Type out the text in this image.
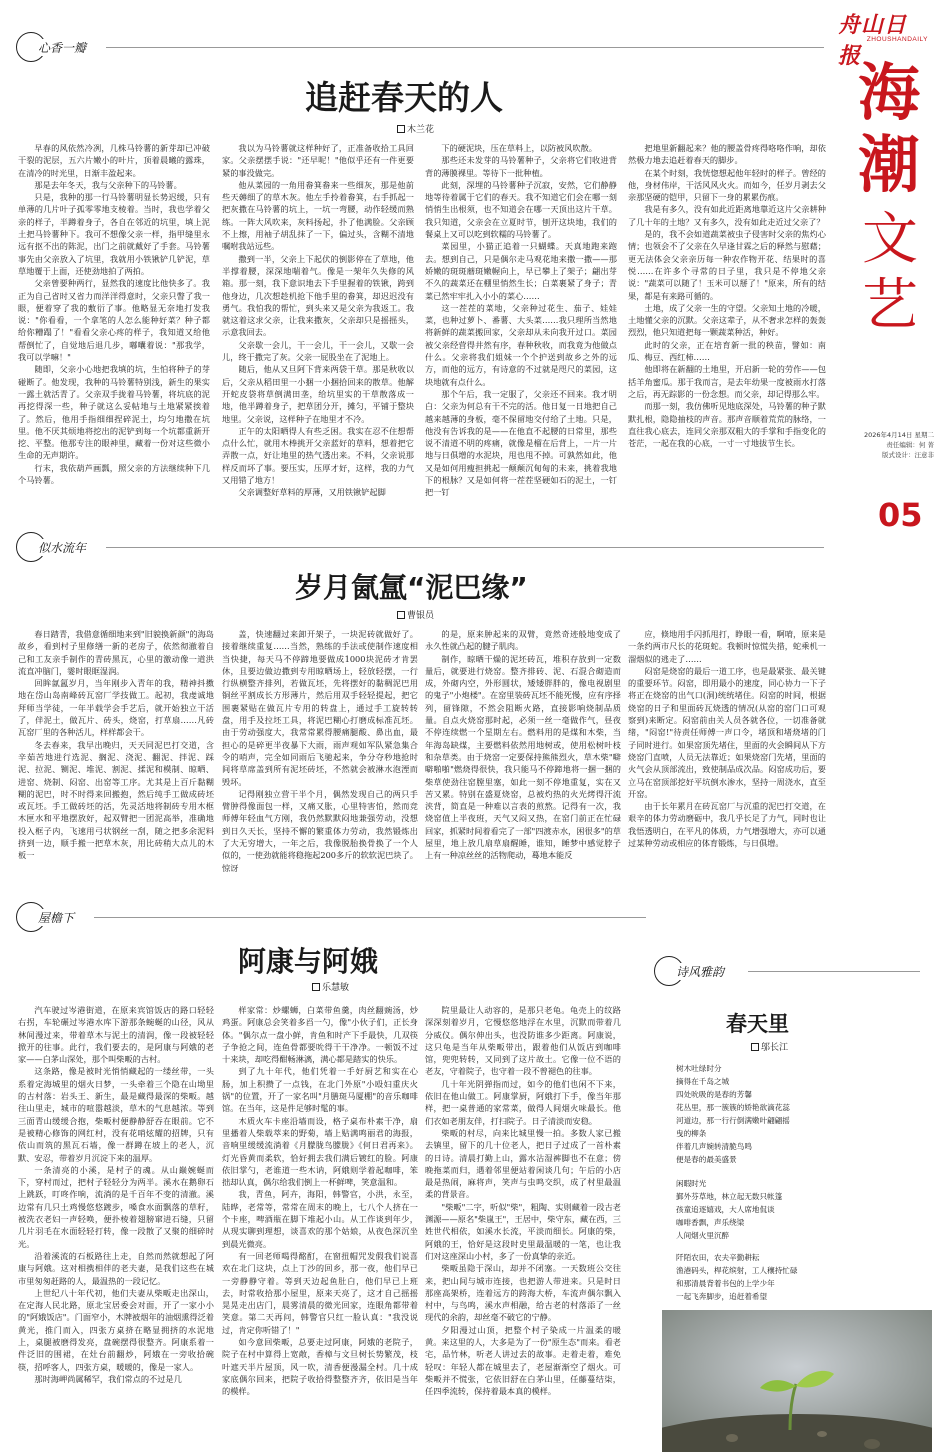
舟山日报
ZHOUSHANDAILY
海
潮
文
艺
2026年4月14日 星期二
责任编辑：何 菁
版式设计：汪意非
05
心香一瓣
追赶春天的人
木兰花

早春的风依然冷冽，几株马铃薯的新芽却已冲破干裂的泥层，五六片嫩小的叶片，顶着晨曦的露珠，在清冷的时光里，日渐丰盈起来。

那是去年冬天，我与父亲种下的马铃薯。

只是，我种的那一行马铃薯明显长势迟缓，只有单薄的几片叶子孤零零地支棱着。当时，我也学着父亲的样子，半蹲着身子，各自在邻近的坑里，填上泥土把马铃薯种下。我可不想像父亲一样，指甲缝里永远有抠不出的陈泥，出门之前就戴好了手套。马铃薯事先由父亲放入了坑里，我就用小铁锹铲几铲泥，草草地覆于上面，还使劲地拍了两拍。

父亲曾要种两行，显然我的速度比他快多了。我正为自己省时又省力而洋洋得意时，父亲只瞥了我一眼，便着穿了我的敷衍了事。他略显无奈地打发我说："你看看，一个拿笔的人怎么能种好菜？种子都给你糟蹋了！"看看父亲心疼的样子，我知道又给他帮倒忙了，自觉地后退几步，嘟囔着说："那我学，我可以学嘛！"

随即，父亲小心地把我填的坑，生怕将种子的芽碰断了。他发现，我种的马铃薯特别浅，新生的果实一露土就活青了。父亲双手拢着马铃薯，将坑底的泥再挖得深一些，种子就这么妥帖地与土地紧紧挨着了。然后，他用手指细细捏碎泥土，均匀地撒在坑里。他不厌其烦地将挖出的泥铲到每一个坑都重新开挖、平整。他那专注的眼神里，藏着一份对这些微小生命的无声期许。

行末，我依葫芦画瓢，照父亲的方法继续种下几个马铃薯。

我以为马铃薯就这样种好了，正准备收拾工具回家。父亲摆摆手说："还早呢！"他似乎还有一件更要紧的事没做完。

他从菜园的一角用畚箕畚来一些细灰，那是他前些天薅细了的草木灰。他左手拎着畚箕，右手抓起一把灰撒在马铃薯的坑上，一坑一弯腰，动作轻缓而熟练。一阵大风吹来，灰料扬起，扑了他满脸。父亲顾不上擦，用袖子胡乱抹了一下，偏过头，含糊不清地嘱咐我站远些。

撒到一半，父亲上下起伏的倒影停在了草地，他半撑着腰，深深地喘着气。像是一架年久失修的风箱。那一刻，我下意识地去下手里握着的铁锹，跨到他身边，几次想趁机抢下他手里的畚箕，却迟迟没有勇气。我怕我的帮忙，到头来又是父亲为我返工。我就这着这求父亲，让我来撒灰，父亲却只是摇摇头，示意我回去。

父亲歇一会儿，干一会儿，干一会儿，又歇一会儿，终于撒完了灰。父亲一屁股坐在了泥地上。

随后，他从又旦阿下背来两袋干草。那是秋收以后，父亲从稻田里一小捆一小捆拾回来的散草。他解开蛇皮袋将草倒满田垄，给坑里实的干草散落成一地，他半蹲着身子，把草团分开，摊匀，平铺于整块地里。父亲说，这样种子在地里才不冷。

正午的太阳晒得人有些乏困。我实在忍不住想帮点什么忙，就用木棒挑开父亲蓝好的草料，想着把它弄散一点，好让地里的热气透出来。不料，父亲说那样反而坏了事。要压实，压厚才好，这样，我的力气又用错了地方！

父亲调整好草料的厚薄，又用铁锹铲起脚

下的硬泥块，压在草料上，以防被风吹散。

那些还未发芽的马铃薯种子，父亲将它们收进背背的薄膜裸里。等待下一批种植。

此刻，深埋的马铃薯种子沉寂，安然，它们静静地等待着属于它们的春天。我不知道它们会在哪一刻悄悄生出根须，也不知道会在哪一天顶出这片干草。我只知道，父亲会在立夏时节，刨开这块地，我们的餐桌上又可以吃到软糯的马铃薯了。

菜园里，小猫正追着一只蝴蝶。天真地跑来跑去。想到自己，只是偶尔走马观花地来撒一撒——那娇嫩的斑斑蘑斑嫩幄向上，早已攀上了架子；翩出芽不久的蔬菜还在棚里悄然生长；白菜裹紧了身子；青菜已然牢牢扎入小小的菜心……

这一茬茬的菜地，父亲种过花生、茄子、娃娃菜，也种过萝卜、番薯、大头菜……我只理所当然地将新鲜的蔬菜搬回家，父亲却从未向我开过口。菜园被父亲经营得井然有序，春种秋收，而我竟为他做点什么。父亲将我们姐妹一个个护送到故乡之外的远方，而他的远方，有诗意的不过就是咫尺的菜园，这块地就有点什么。

那个午后，我一定服了，父亲还不回来。我才明白：父亲为何总有干不完的活。他日复一日地把自己越来越薄的身板，毫不保留地交付给了土地。只是，他没有告诉我的是——在他直不起腰的日常里，那些说不清道不明的疼痛，就像是榴在后背上，一片一片地与日俱增的水泥块，甩也甩不掉。可孰然如此，他又是如何用瘦担挑起一颠颠沉甸甸的未来，挑着我地下的根脉？又是如何将一茬茬坚硬如石的泥土，一钉把一钉

把地里新翻起来？他的腰盖骨疼得咯咯作响，却依然极力地去追赶着春天的脚步。

在某个时刻，我恍惚想起他年轻时的样子。曾经的他，身材伟岸，干活风风火火。而如今，任岁月剥去父亲那坚硬的铠甲，只留下一身的累累伤痕。

我是有多久，没有如此近距离地靠近这片父亲耕种了几十年的土地？又有多久，没有如此走近过父亲了？

是的，我不会如道蔬菜被虫子侵害时父亲的焦灼心情；也领会不了父亲在久早逢甘霖之后的释然与慰藉；更无法体会父亲亲历每一种农作物开花、结果时的喜悦……在许多个寻常的日子里，我只是不停地父亲说："蔬菜可以随了！玉米可以掰了！"原来，所有的结果，都是有来路可循的。

土地，成了父亲一生的守望。父亲知土地的冷暖，土地懂父亲的沉默。父亲这辈子，从不奢求怎样的轰轰烈烈，他只知道把每一颗蔬菜种活，种好。

此时的父亲，正在培育新一批的秧苗，譬如：南瓜、梅豆、西红柿……

他即将在新翻的土地里，开启新一轮的劳作——包括羊角蜜瓜。那于我而言，是去年幼果一度被雨水打落之后，再无踪影的一份念想。而父亲，却记得那么牢。

而那一刻，我仿佛听见地底深处，马铃薯的种子默默扎根，隐隐抽枝的声音。那声音顺着荒荒的脉络，一直往我心底去，连同父亲那双粗大的手掌和手指变化的苍茫，一起在我的心底，一寸一寸地拔节生长。

似水流年
岁月氤氲“泥巴缘”
曹银员

春日踏青，我借意循细地来到"旧貌换新颜"的海岛故乡，看到村子里修缮一新的老房子，依然彻澈着自己和工友亲手制作的青砖黑瓦，心里的激动像一道洪流直冲脑门，霎时眼眶湿润。

回眸氤氲岁月，当年刚步入青年的我，精神抖擞地在岱山岛南峰砖瓦窑厂学技做工。起初，我虔诚地拜师当学徒，一年半载学会手艺后，就开始独立干活了，伴泥土，做瓦片、砖头，烧窑，打草扇……凡砖瓦窑厂里的各种活儿，样样都会干。

冬去春来，我早出晚归，天天同泥巴打交道，含辛茹苦地进行选泥、搁泥、浇泥、翻泥、拌泥、踩泥、拉泥、铡泥、堆泥、割泥、揉泥和模制、晾晒、进窑、烧制、闷窑、出窑等工序。尤其是上百斤黏糊糊的泥巴，时不时得来回搬抱，然后纯手工做成砖坯或瓦坯。手工做砖坯的活，先灵活地将制砖专用木框木匣水和平地摆放好，起双臂把一团泥高举，准确地投入框子内，飞速用弓状钢丝一刮，随之把多余泥料挤到一边，顺手搬一把草木灰，用比砖稍大点儿的木板一

盖，快速翻过来卸开架子，一块泥砖就做好了。接着继续重复……当然，熟练的手法或使制作速度相当快捷，每天马不停蹄地要做成1000块泥砖才肯罢休，且要边做边撒到专用晾晒场上，轻放轻摆，一行行纵横整齐排列，若做瓦坯，先将摆好的黏稠泥巴用铜丝平割成长方形薄片，然后用双手轻轻提起，把它围裹紧贴在做瓦片专用的转盘上，通过手工旋转转盘，用手及拉坯工具，将泥巴糊心打磨成标准瓦坯。由于劳动强度大，我常常累得腰痛腿酸、鼻出血，最担心的是碎更半夜暴下大雨，雨声观如军队紧急集合令的哨声，完全如同雨后飞驰起来，争分夺秒地抢时间将草席盖到所有泥坯砖坯，不然就会被淋水泡湮而毁坏。

记得刚独立营干半个月，偶然发现自己的两只手臂肿得像面包一样，又痛又胀，心里特害怕，然而竞师傅年轻血气方刚，我仍然默默闷地兼强劳动，没想到日久天长，坚持不懈的繁重体力劳动，我然锻炼出了大无穷增大，一年之后，我像脱胎换骨换了一个人似的，一使劲就能将稳拖起200多斤的软软泥巴块了。惊讶

的是，原来肿起来的双臂，竟然奇迹般地变成了永久性就凸起的腱子肌肉。

制作，晾晒干燥的泥坯砖瓦，堆积存放到一定数量后，就要进行烧窑。整齐排砖、泥、石混合砌造而成，外砌内空，外形圆状，矮矮胖胖的，像电视剧里的鬼子"小炮楼"。在窑里装砖瓦坯不能死慢，应有序择列，留锋隙，不然会阻断火路，直接影响烧制品质量。自点火烧窑那时起，必须一丝一毫做作气，昼夜不停连续燃一个星期左右。燃料用的是煤和木柴，当年海岛缺煤，主要燃料依然用地树或，使用松树叶枝和杂草类。由于烧窑一定要保持熊熊烈火，草木柴"噼噼啪啪"燃烧得很快，我只能马不停蹄地将一捆一捆的柴草使劲往窑膛里塞，如此一刻不停地重复，实在又苦又累。特别在盛夏烧窑，总被灼热的火光烤得汗流浃背，简直是一种难以言表的煎熬。记得有一次，我烧窑值上半夜班，天气又闷又热，在窑门前正在忙碌回家，抓紧时间着看完了一部"四渡赤水，困很多"的草屋里，地上放几扇草扇醒睡，谁知，睡梦中感觉脖子上有一种凉丝丝的活物爬动，蓦地本能反

应，倏地用手闪抓甩打，睁眼一看，啊唷，原来是一条约两市尺长的花斑蛇。我顿时惊慌失措，蛇乘机一溜烟似的逃走了……

闷窑是烧窑的最后一道工序，也是最紧张、最关键的重要环节。闷窑，即用最小的速度，同心协力一下子将正在烧窑的出气口(洞)统统堵住。闷窑的时间，根据烧窑的日子和里面砖瓦烧透的情况(从窑的窑门口可观察到)来断定。闷窑前由关人员各就各位，一切准备就绪，"闷窑!"待责任师傅一声口令，堵顶和堵烧堵的门子同时进行。如果窑顶先堵住，里面的火会瞬间从下方烧窑门直喷，人员无法靠近；如果烧窑门先堵，里面的火气会从顶部流出，致使制品成次品。闷窑成功后，要立马在窑顶部挖好平坑倒水渗水，坚持一周浇水，直至开窑。

由于长年累月在砖瓦窑厂与沉重的泥巴打交道，在艰辛的体力劳动磨砺中，我几乎长足了力气，同时也让我悟透明白，在平凡的体质，力气增强增大，亦可以通过某种劳动或相应的体育锻炼，与日俱增。

屋檐下
阿康与阿娥
乐慧敏

汽车驶过岑港街道，在原来宾馆饭店的路口轻轻右拐，车轮碾过岑港水库下游那条蜿蜒的山径，风从林间漫过来，带着草木与泥土的清润，像一段被轻轻掀开的往事。此行，我们要去的，是阿康与阿娥的老家——白茅山深处，那个叫柴畈的古村。

这条路，像是被时光悄悄藏起的一缕丝带，一头系着定海城里的烟火日梦，一头牵着三个隐在山坳里的古村落：岩头王、新生，最是藏得最深的柴畈。越往山里走，城市的喧嚣越淡，草木的气息越浓。等到三面青山缓缓合抱，柴畈村便静静舒吞在眼前。它不是被精心修饰的网红村，没有花哨炫耀的招牌，只有依山而筑的黑瓦石墙，像一群蹲在坡上的老人，沉默、安忍，带着岁月沉淀下来的温厚。

一条清亮的小溪，是村子的魂。从山巅婉蜒而下，穿村而过，把村子轻轻分为两半。溪水在鹅卵石上跳跃，叮咚作响，流淌的是千百年不变的清澈。溪边常有几只土鸡慢悠悠踱步，嗓食水面飘落的草籽，被洗衣老妇一声轻唤，便扑棱着翅膀窜进石缝，只留几片羽毛在水面轻轻打转，像一段散了又聚的细碎时光。

沿着溪流的石板路往上走，自然而然就想起了阿康与阿娥。这对相携相伴的老夫妻，是我们这些在城市里匆匆赶路的人，最温热的一段记忆。

上世纪八十年代初，他们夫妻从柴畈走出深山，在定海人民北路，原北宝居委会对面，开了一家小小的"阿娥饭店"。门面窄小，木牌被烟年的油烟熏得泛着黄光，推门而入，四张方桌挤在略显拥挤的水泥地上，桌腿被磨得发亮，盘碗摆得很整齐。阿康系着一件泛旧的围裙，在灶台前翻炒，阿娥在一旁收拾碗筷，招呼客人，四张方桌，暖暖的，像是一家人。

那时海岬尚属稀罕，我们常点的不过是几

样家常：炒螺蛳，白菜带鱼羹，肉丝翻豌汤，炒鸡蛋。阿康总会笑着多舀一勺，像"小伙子们，正长身体。"偶尔点一盘小鲜，肯鱼和时产下手最快，几双筷子争抢之间，连鱼骨都要吮得干干净净。一顿饭不过十来块，却吃得酣畅淋漓，满心都是踏实的快乐。

到了九十年代，他们凭着一手好厨艺和实在心肠，加上积攒了一点钱，在北门外原"小殴妇重庆火锅"的位置，开了一家名叫"月膳斑马厦棚"的音乐咖啡馆。在当年，这是件足够时髦的事。

木质火车卡座沿墙而设，格子桌布朴素干净，扇里播着人柴载萃来的野菊，墙上贴满鸣丽君的海报，音响里缓缓流淌着《月朦胧鸟朦胧》《何日君再来》。灯光昏黄而柔软，恰好拥去我们满后镀红的脸。阿康依旧掌勺，老谁道一些木讷，阿娥则学着起咖啡，笨拙却认真，偶尔给我们倒上一杯鲜啤，笑意温和。

我，青鱼，阿卉，海阳，韩警官，小洪，永至，陆晔，老常等，常常在周末的晚上，七八个人挤在一个卡座，啤酒瓶在脚下堆起小山。从工作谈到年少，从现实聊到理想，谈喜欢的那个姑娘，从夜色深沉坐到晨光微亮。

有一回老师喝得酩酊，在窗扭帽咒发假我们说喜欢在北门这块，点上丁沙的回乡，那一夜，他们早已一旁静静守着。等到天边起鱼肚白，他们早已上班去，时常收拾那小屋里，原来天亮了，这才自己摇摇晃晃走出店门，晨雾清晨的微光回家，连眼角都带着笑意。第二天再问，韩警官只红一脸认真："我没说过，肯定你听错了！"

如今意回柴畈，总要走过阿康，阿娥的老院子，院子在村中算得上宽敞，香樟与文旦树长势繁茂，枝叶遮天半片屋顶，风一吹，清香便漫漏全村。几十成家底偶尔回来，把院子收拾得整整齐齐，依旧是当年的模样。

院里最让人动容的，是那只老龟。龟壳上的纹路深深刻着岁月，它慢悠悠地浮在水里，沉默而带着几分威仪。偶尔伸出头，也没防谁多少距离。阿康说，这只龟是当年从柴畈带出，跟着他们从饭店到咖啡馆，兜兜转转，又同到了这片故土。它像一位不语的老友，守着院子，也守着一段不曾褪色的往事。

几十年光阴弹指而过，如今的他们也闲不下来，依旧在他山做工。阿康掌厨，阿娥打下手，像当年那样，把一桌普通的家常菜，做得人间烟火味最长。他们衣如老朋友伴，打扫院子。日子清淡而安稳。

柴畈的村尽，向来比城里慢一拍。多数人家已搬去镇里，留下的几十位老人，把日子过成了一首朴素的日诗。清晨打勤上山，露水沾湿裤脚也不在意；傍晚拖菜而归，遇着邻里便站着闲谈几句；午后的小店最是热闹，麻将声，笑声与虫鸣交织，成了村里最温柔的背景音。

"柴畈"二字，听似"柴"，粗陶、实则藏着一段古老渊源——原名"柴嵐王"，王居中，柴守东，藏在西，三姓世代相依，如溪水长流，平淡而细长。阿康的柴，阿娥的王，恰好是这段时史里最温暖的一笔，也让我们对这座深山小村，多了一份真挚的亲近。

柴畈虽隐于深山，却并不闭塞。一天数班公交往来，把山间与城市连接，也把游人带进来。只是时日那座高架桥，连着远方的跨海大桥，车流声偶尔飘入村中，与鸟鸣，溪水声相融，给古老的村落添了一丝现代的余韵，却丝毫不破它的宁静。

夕阳漫过山顶，把整个村子染成一片温柔的暖黄。来这里的人，大多是为了一份"原生态"而来。看老宅，品竹林，听老人讲过去的故事。走着走着，难免轻叹：年轻人都在城里去了，老屋渐渐空了烟火。可柴畈并不慌张，它依旧舒在白茅山里，任藤蔓结柒，任四季流转，保持着最本真的模样。

诗风雅韵
春天里
邬长江
树木吐绿时分
摘得在千岛之城
四处吮吸的是春的芳馨
花丛里，那一簇簇的娇艳欲滴花蕊
河道边，那一行行倒满嫩叶翩翩摇
曳的柳条
伴着几声婉转清脆鸟鸣
便是春的最美盛景
闲暇时光
鄞外芬草地，林立起无数只帐篷
孩童追逐嬉戏，大人席地侃谈
咖啡香飘，声乐绕梁
人间烟火里沉醉
阡陌农田，农夫辛勤耕耘
渔港码头，桿花缤射，工人穰持忙碌
和那清晨背着书包的上学少年
一起飞奔脚步，追赶着希望
